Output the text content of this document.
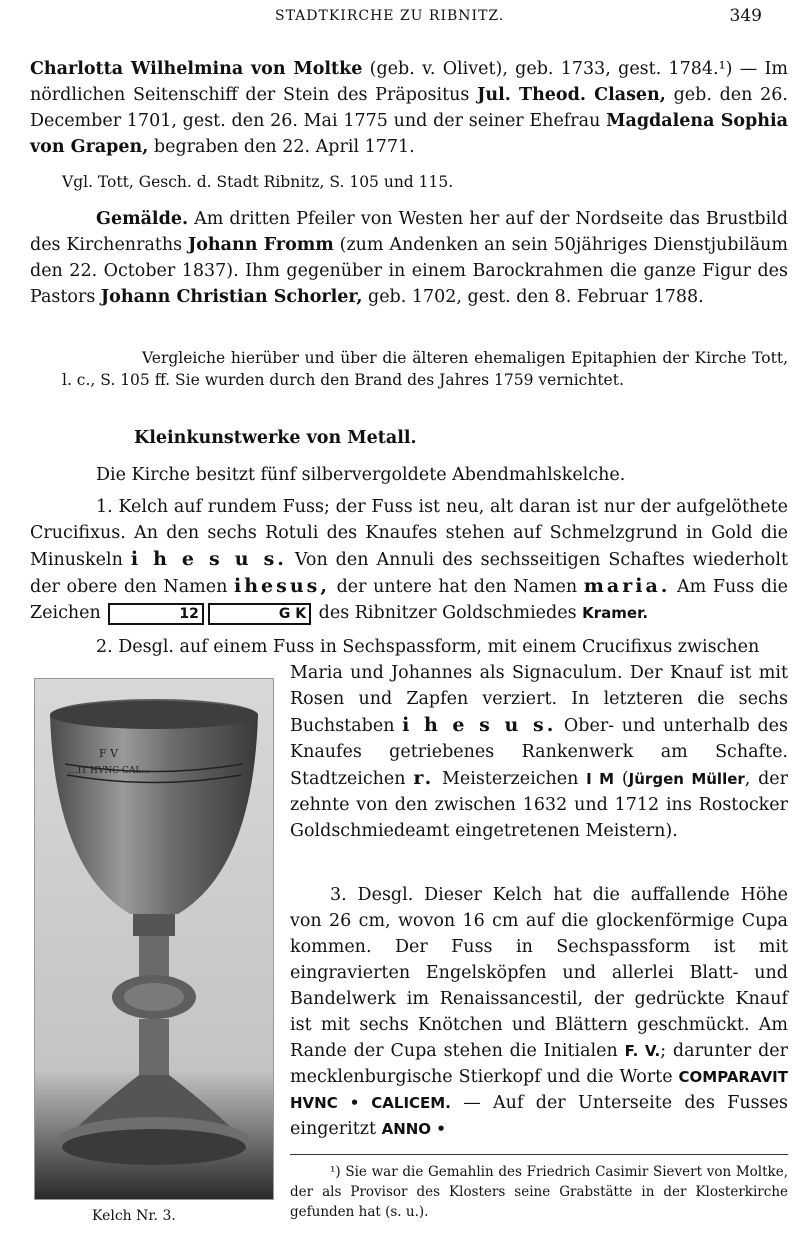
STADTKIRCHE ZU RIBNITZ.	349

Charlotta Wilhelmina von Moltke (geb. v. Olivet), geb. 1733, gest. 1784.¹) — Im nördlichen Seitenschiff der Stein des Präpositus Jul. Theod. Clasen, geb. den 26. December 1701, gest. den 26. Mai 1775 und der seiner Ehefrau Magdalena Sophia von Grapen, begraben den 22. April 1771.

Vgl. Tott, Gesch. d. Stadt Ribnitz, S. 105 und 115.

Gemälde. Am dritten Pfeiler von Westen her auf der Nordseite das Brustbild des Kirchenraths Johann Fromm (zum Andenken an sein 50jähriges Dienstjubiläum den 22. October 1837). Ihm gegenüber in einem Barockrahmen die ganze Figur des Pastors Johann Christian Schorler, geb. 1702, gest. den 8. Februar 1788.

Vergleiche hierüber und über die älteren ehemaligen Epitaphien der Kirche Tott, l. c., S. 105 ff. Sie wurden durch den Brand des Jahres 1759 vernichtet.

Kleinkunstwerke von Metall.

Die Kirche besitzt fünf silbervergoldete Abendmahlskelche.

1. Kelch auf rundem Fuss; der Fuss ist neu, alt daran ist nur der aufgelöthete Crucifixus. An den sechs Rotuli des Knaufes stehen auf Schmelzgrund in Gold die Minuskeln i h e s u s. Von den Annuli des sechsseitigen Schaftes wiederholt der obere den Namen ihesus, der untere hat den Namen maria. Am Fuss die Zeichen	12	G K des Ribnitzer Goldschmiedes Kramer.

2. Desgl. auf einem Fuss in Sechspassform, mit einem Crucifixus zwischen

Maria und Johannes als Signaculum. Der Knauf ist mit Rosen und Zapfen verziert. In letzteren die sechs Buchstaben i h e s u s. Ober- und unterhalb des Knaufes getriebenes Rankenwerk am Schafte. Stadtzeichen r. Meisterzeichen I M (Jürgen Müller, der zehnte von den zwischen 1632 und 1712 ins Rostocker Goldschmiedeamt eingetretenen Meistern).

3. Desgl. Dieser Kelch hat die auffallende Höhe von 26 cm, wovon 16 cm auf die glockenförmige Cupa kommen. Der Fuss in Sechspassform ist mit eingravierten Engelsköpfen und allerlei Blatt- und Bandelwerk im Renaissancestil, der gedrückte Knauf ist mit sechs Knötchen und Blättern geschmückt. Am Rande der Cupa stehen die Initialen F. V.; darunter der mecklenburgische Stierkopf und die Worte COMPARAVIT HVNC • CALICEM. — Auf der Unterseite des Fusses eingeritzt ANNO •

¹) Sie war die Gemahlin des Friedrich Casimir Sievert von Moltke, der als Provisor des Klosters seine Grabstätte in der Klosterkirche gefunden hat (s. u.).

F V
...IT HVNC CAL...
Kelch Nr. 3.
